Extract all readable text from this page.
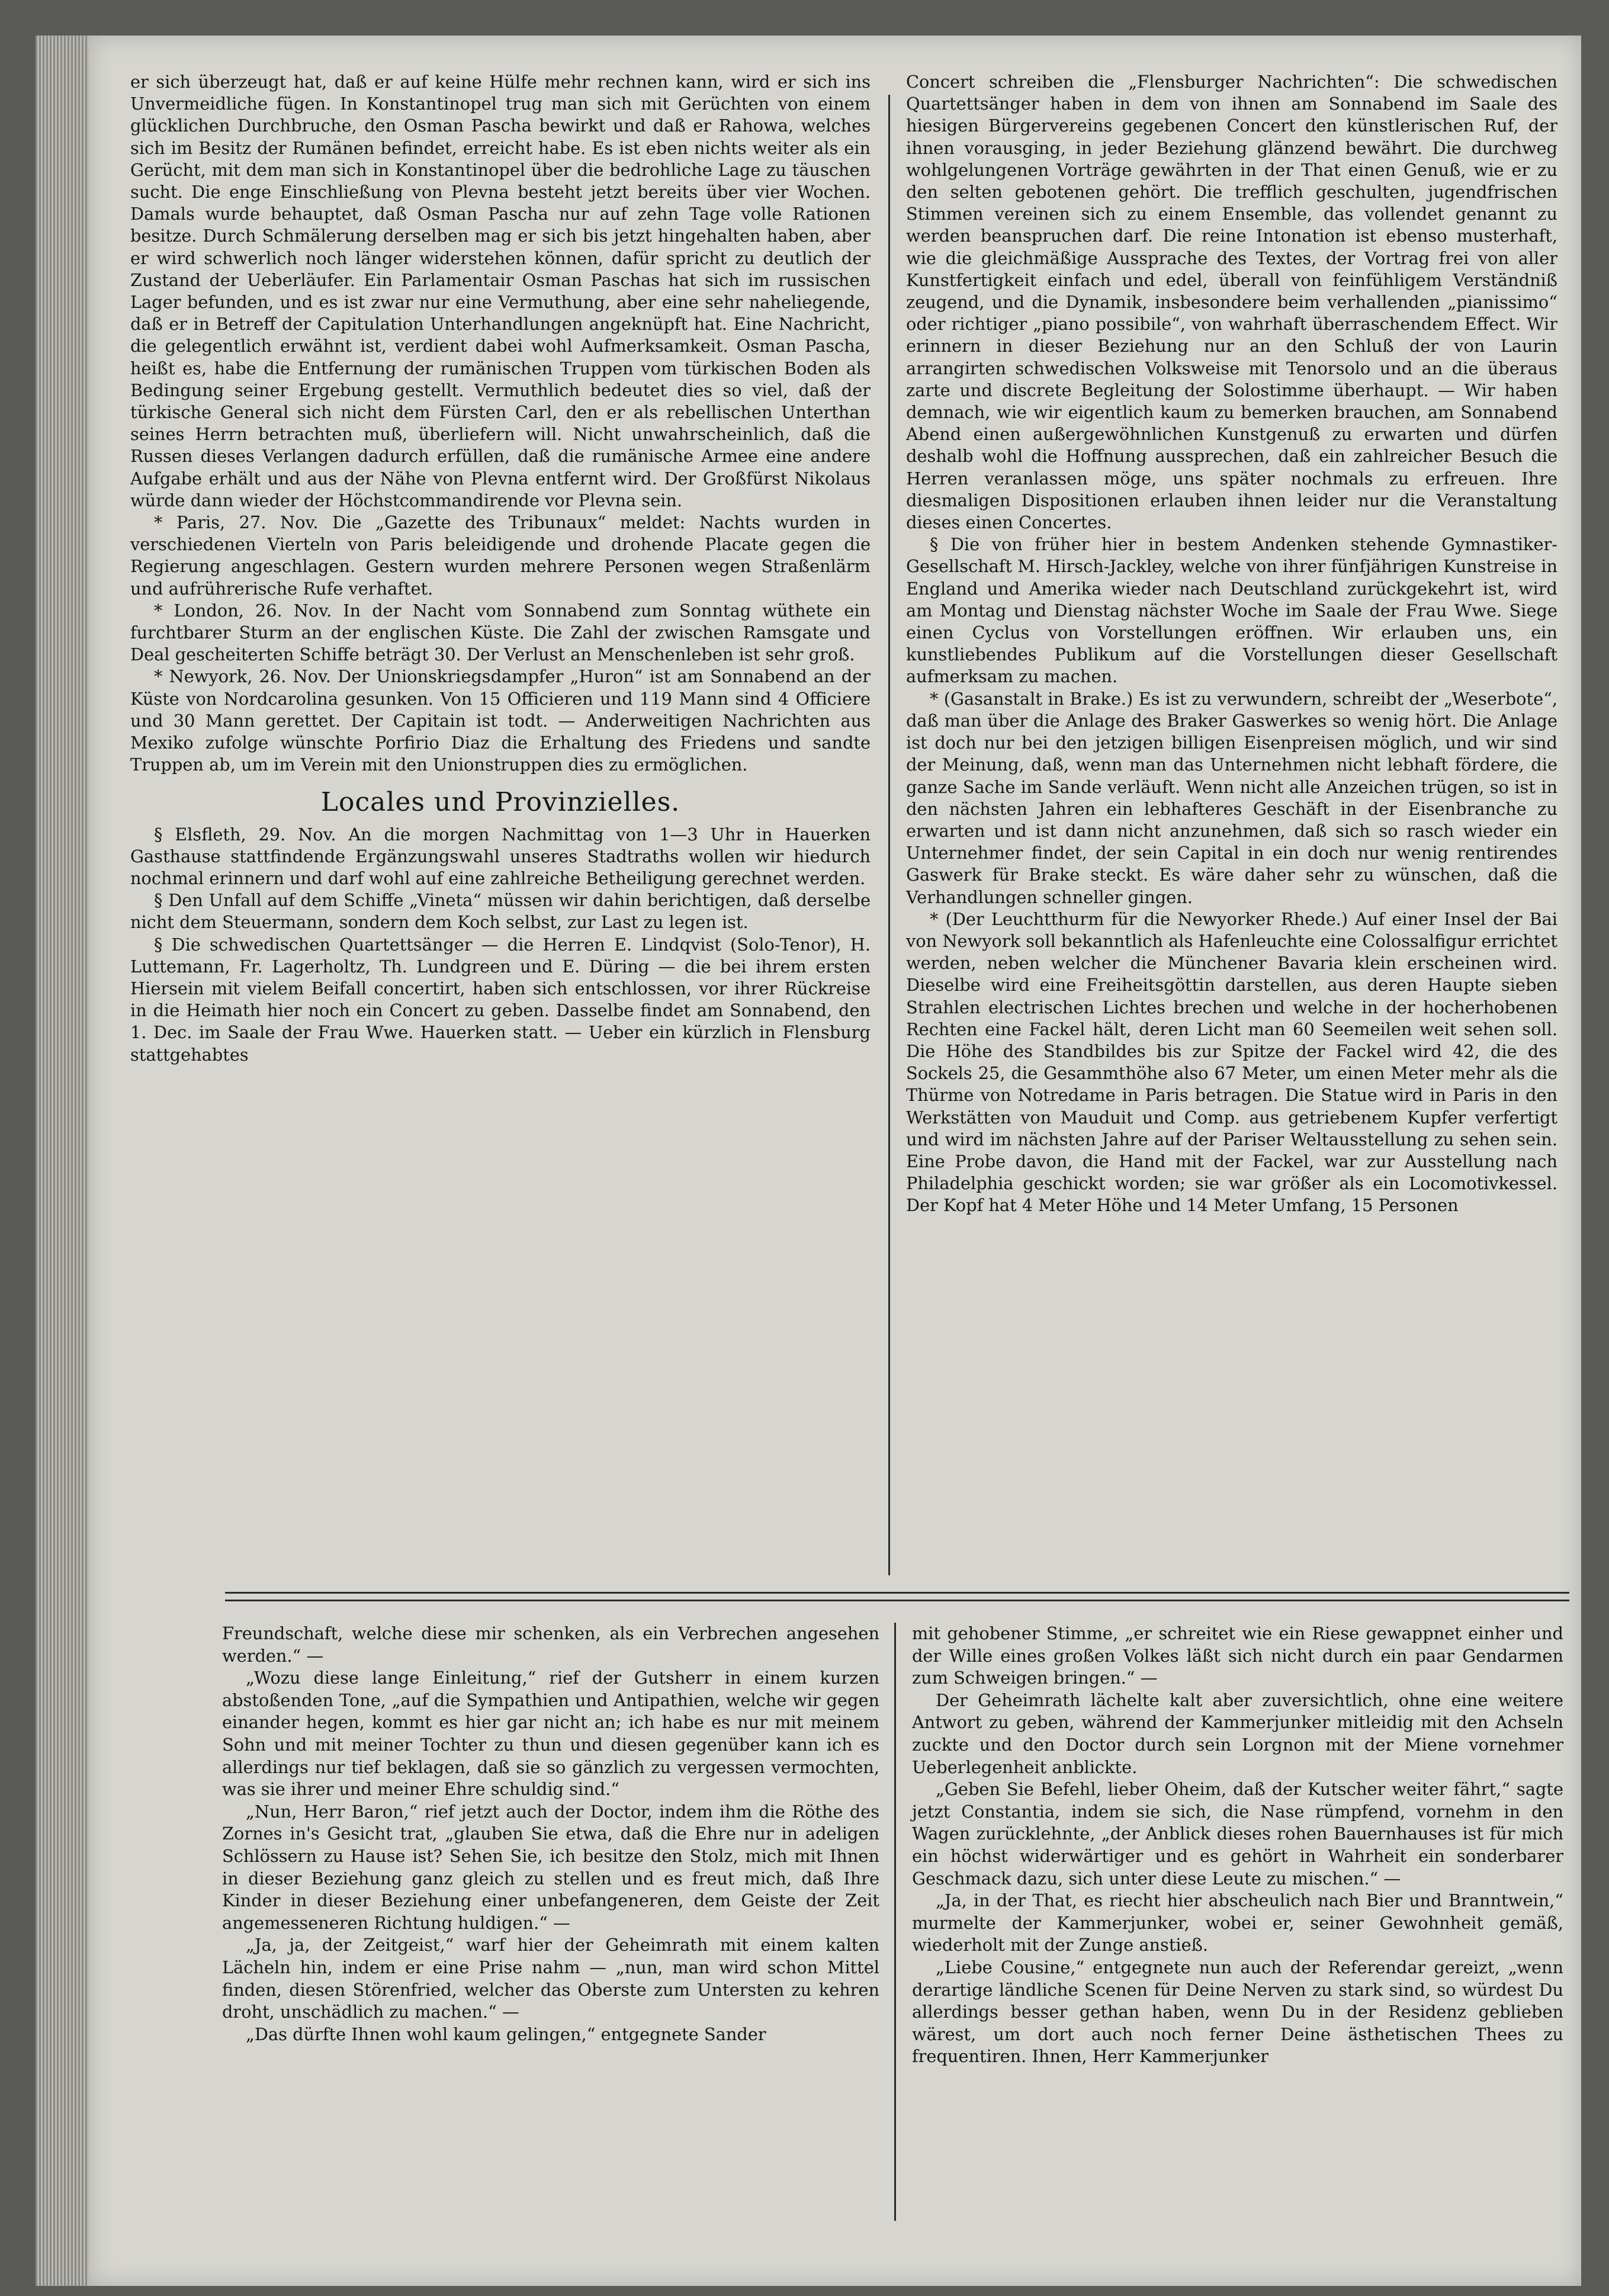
er sich überzeugt hat, daß er auf keine Hülfe mehr rechnen kann, wird er sich ins Unvermeidliche fügen. In Konstantinopel trug man sich mit Gerüchten von einem glücklichen Durchbruche, den Osman Pascha bewirkt und daß er Rahowa, welches sich im Besitz der Rumänen befindet, erreicht habe. Es ist eben nichts weiter als ein Gerücht, mit dem man sich in Konstantinopel über die bedrohliche Lage zu täuschen sucht. Die enge Einschließung von Plevna besteht jetzt bereits über vier Wochen. Damals wurde behauptet, daß Osman Pascha nur auf zehn Tage volle Rationen besitze. Durch Schmälerung derselben mag er sich bis jetzt hingehalten haben, aber er wird schwerlich noch länger widerstehen können, dafür spricht zu deutlich der Zustand der Ueberläufer. Ein Parlamentair Osman Paschas hat sich im russischen Lager befunden, und es ist zwar nur eine Vermuthung, aber eine sehr naheliegende, daß er in Betreff der Capitulation Unterhandlungen angeknüpft hat. Eine Nachricht, die gelegentlich erwähnt ist, verdient dabei wohl Aufmerksamkeit. Osman Pascha, heißt es, habe die Entfernung der rumänischen Truppen vom türkischen Boden als Bedingung seiner Ergebung gestellt. Vermuthlich bedeutet dies so viel, daß der türkische General sich nicht dem Fürsten Carl, den er als rebellischen Unterthan seines Herrn betrachten muß, überliefern will. Nicht unwahrscheinlich, daß die Russen dieses Verlangen dadurch erfüllen, daß die rumänische Armee eine andere Aufgabe erhält und aus der Nähe von Plevna entfernt wird. Der Großfürst Nikolaus würde dann wieder der Höchstcommandirende vor Plevna sein.

* Paris, 27. Nov. Die „Gazette des Tribunaux“ meldet: Nachts wurden in verschiedenen Vierteln von Paris beleidigende und drohende Placate gegen die Regierung angeschlagen. Gestern wurden mehrere Personen wegen Straßenlärm und aufrührerische Rufe verhaftet.

* London, 26. Nov. In der Nacht vom Sonnabend zum Sonntag wüthete ein furchtbarer Sturm an der englischen Küste. Die Zahl der zwischen Ramsgate und Deal gescheiterten Schiffe beträgt 30. Der Verlust an Menschenleben ist sehr groß.

* Newyork, 26. Nov. Der Unionskriegsdampfer „Huron“ ist am Sonnabend an der Küste von Nordcarolina gesunken. Von 15 Officieren und 119 Mann sind 4 Officiere und 30 Mann gerettet. Der Capitain ist todt. — Anderweitigen Nachrichten aus Mexiko zufolge wünschte Porfirio Diaz die Erhaltung des Friedens und sandte Truppen ab, um im Verein mit den Unionstruppen dies zu ermöglichen.

Locales und Provinzielles.

§ Elsfleth, 29. Nov. An die morgen Nachmittag von 1—3 Uhr in Hauerken Gasthause stattfindende Ergänzungswahl unseres Stadtraths wollen wir hiedurch nochmal erinnern und darf wohl auf eine zahlreiche Betheiligung gerechnet werden.

§ Den Unfall auf dem Schiffe „Vineta“ müssen wir dahin berichtigen, daß derselbe nicht dem Steuermann, sondern dem Koch selbst, zur Last zu legen ist.

§ Die schwedischen Quartettsänger — die Herren E. Lindqvist (Solo-Tenor), H. Luttemann, Fr. Lagerholtz, Th. Lundgreen und E. Düring — die bei ihrem ersten Hiersein mit vielem Beifall concertirt, haben sich entschlossen, vor ihrer Rückreise in die Heimath hier noch ein Concert zu geben. Dasselbe findet am Sonnabend, den 1. Dec. im Saale der Frau Wwe. Hauerken statt. — Ueber ein kürzlich in Flensburg stattgehabtes

Concert schreiben die „Flensburger Nachrichten“: Die schwedischen Quartettsänger haben in dem von ihnen am Sonnabend im Saale des hiesigen Bürgervereins gegebenen Concert den künstlerischen Ruf, der ihnen vorausging, in jeder Beziehung glänzend bewährt. Die durchweg wohlgelungenen Vorträge gewährten in der That einen Genuß, wie er zu den selten gebotenen gehört. Die trefflich geschulten, jugendfrischen Stimmen vereinen sich zu einem Ensemble, das vollendet genannt zu werden beanspruchen darf. Die reine Intonation ist ebenso musterhaft, wie die gleichmäßige Aussprache des Textes, der Vortrag frei von aller Kunstfertigkeit einfach und edel, überall von feinfühligem Verständniß zeugend, und die Dynamik, insbesondere beim verhallenden „pianissimo“ oder richtiger „piano possibile“, von wahrhaft überraschendem Effect. Wir erinnern in dieser Beziehung nur an den Schluß der von Laurin arrangirten schwedischen Volksweise mit Tenorsolo und an die überaus zarte und discrete Begleitung der Solostimme überhaupt. — Wir haben demnach, wie wir eigentlich kaum zu bemerken brauchen, am Sonnabend Abend einen außergewöhnlichen Kunstgenuß zu erwarten und dürfen deshalb wohl die Hoffnung aussprechen, daß ein zahlreicher Besuch die Herren veranlassen möge, uns später nochmals zu erfreuen. Ihre diesmaligen Dispositionen erlauben ihnen leider nur die Veranstaltung dieses einen Concertes.

§ Die von früher hier in bestem Andenken stehende Gymnastiker-Gesellschaft M. Hirsch-Jackley, welche von ihrer fünfjährigen Kunstreise in England und Amerika wieder nach Deutschland zurückgekehrt ist, wird am Montag und Dienstag nächster Woche im Saale der Frau Wwe. Siege einen Cyclus von Vorstellungen eröffnen. Wir erlauben uns, ein kunstliebendes Publikum auf die Vorstellungen dieser Gesellschaft aufmerksam zu machen.

* (Gasanstalt in Brake.) Es ist zu verwundern, schreibt der „Weserbote“, daß man über die Anlage des Braker Gaswerkes so wenig hört. Die Anlage ist doch nur bei den jetzigen billigen Eisenpreisen möglich, und wir sind der Meinung, daß, wenn man das Unternehmen nicht lebhaft fördere, die ganze Sache im Sande verläuft. Wenn nicht alle Anzeichen trügen, so ist in den nächsten Jahren ein lebhafteres Geschäft in der Eisenbranche zu erwarten und ist dann nicht anzunehmen, daß sich so rasch wieder ein Unternehmer findet, der sein Capital in ein doch nur wenig rentirendes Gaswerk für Brake steckt. Es wäre daher sehr zu wünschen, daß die Verhandlungen schneller gingen.

* (Der Leuchtthurm für die Newyorker Rhede.) Auf einer Insel der Bai von Newyork soll bekanntlich als Hafenleuchte eine Colossalfigur errichtet werden, neben welcher die Münchener Bavaria klein erscheinen wird. Dieselbe wird eine Freiheitsgöttin darstellen, aus deren Haupte sieben Strahlen electrischen Lichtes brechen und welche in der hocherhobenen Rechten eine Fackel hält, deren Licht man 60 Seemeilen weit sehen soll. Die Höhe des Standbildes bis zur Spitze der Fackel wird 42, die des Sockels 25, die Gesammthöhe also 67 Meter, um einen Meter mehr als die Thürme von Notredame in Paris betragen. Die Statue wird in Paris in den Werkstätten von Mauduit und Comp. aus getriebenem Kupfer verfertigt und wird im nächsten Jahre auf der Pariser Weltausstellung zu sehen sein. Eine Probe davon, die Hand mit der Fackel, war zur Ausstellung nach Philadelphia geschickt worden; sie war größer als ein Locomotivkessel. Der Kopf hat 4 Meter Höhe und 14 Meter Umfang, 15 Personen

Freundschaft, welche diese mir schenken, als ein Verbrechen angesehen werden.“ —

„Wozu diese lange Einleitung,“ rief der Gutsherr in einem kurzen abstoßenden Tone, „auf die Sympathien und Antipathien, welche wir gegen einander hegen, kommt es hier gar nicht an; ich habe es nur mit meinem Sohn und mit meiner Tochter zu thun und diesen gegenüber kann ich es allerdings nur tief beklagen, daß sie so gänzlich zu vergessen vermochten, was sie ihrer und meiner Ehre schuldig sind.“

„Nun, Herr Baron,“ rief jetzt auch der Doctor, indem ihm die Röthe des Zornes in's Gesicht trat, „glauben Sie etwa, daß die Ehre nur in adeligen Schlössern zu Hause ist? Sehen Sie, ich besitze den Stolz, mich mit Ihnen in dieser Beziehung ganz gleich zu stellen und es freut mich, daß Ihre Kinder in dieser Beziehung einer unbefangeneren, dem Geiste der Zeit angemesseneren Richtung huldigen.“ —

„Ja, ja, der Zeitgeist,“ warf hier der Geheimrath mit einem kalten Lächeln hin, indem er eine Prise nahm — „nun, man wird schon Mittel finden, diesen Störenfried, welcher das Oberste zum Untersten zu kehren droht, unschädlich zu machen.“ —

„Das dürfte Ihnen wohl kaum gelingen,“ entgegnete Sander

mit gehobener Stimme, „er schreitet wie ein Riese gewappnet einher und der Wille eines großen Volkes läßt sich nicht durch ein paar Gendarmen zum Schweigen bringen.“ —

Der Geheimrath lächelte kalt aber zuversichtlich, ohne eine weitere Antwort zu geben, während der Kammerjunker mitleidig mit den Achseln zuckte und den Doctor durch sein Lorgnon mit der Miene vornehmer Ueberlegenheit anblickte.

„Geben Sie Befehl, lieber Oheim, daß der Kutscher weiter fährt,“ sagte jetzt Constantia, indem sie sich, die Nase rümpfend, vornehm in den Wagen zurücklehnte, „der Anblick dieses rohen Bauernhauses ist für mich ein höchst widerwärtiger und es gehört in Wahrheit ein sonderbarer Geschmack dazu, sich unter diese Leute zu mischen.“ —

„Ja, in der That, es riecht hier abscheulich nach Bier und Branntwein,“ murmelte der Kammerjunker, wobei er, seiner Gewohnheit gemäß, wiederholt mit der Zunge anstieß.

„Liebe Cousine,“ entgegnete nun auch der Referendar gereizt, „wenn derartige ländliche Scenen für Deine Nerven zu stark sind, so würdest Du allerdings besser gethan haben, wenn Du in der Residenz geblieben wärest, um dort auch noch ferner Deine ästhetischen Thees zu frequentiren. Ihnen, Herr Kammerjunker
